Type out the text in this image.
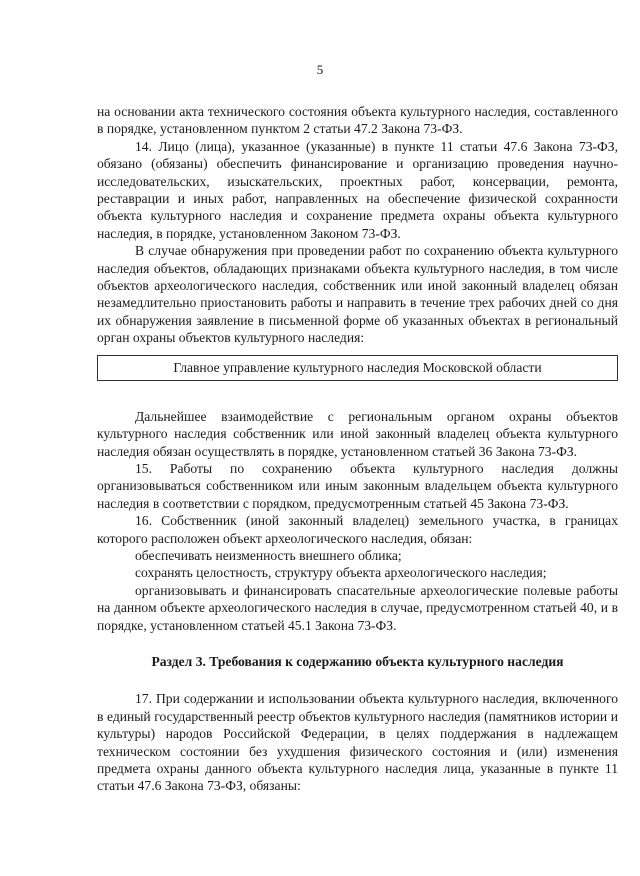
5

на основании акта технического состояния объекта культурного наследия, составленного в порядке, установленном пунктом 2 статьи 47.2 Закона 73-ФЗ.

14. Лицо (лица), указанное (указанные) в пункте 11 статьи 47.6 Закона 73-ФЗ, обязано (обязаны) обеспечить финансирование и организацию проведения научно-исследовательских, изыскательских, проектных работ, консервации, ремонта, реставрации и иных работ, направленных на обеспечение физической сохранности объекта культурного наследия и сохранение предмета охраны объекта культурного наследия, в порядке, установленном Законом 73-ФЗ.

В случае обнаружения при проведении работ по сохранению объекта культурного наследия объектов, обладающих признаками объекта культурного наследия, в том числе объектов археологического наследия, собственник или иной законный владелец обязан незамедлительно приостановить работы и направить в течение трех рабочих дней со дня их обнаружения заявление в письменной форме об указанных объектах в региональный орган охраны объектов культурного наследия:

Главное управление культурного наследия Московской области

Дальнейшее взаимодействие с региональным органом охраны объектов культурного наследия собственник или иной законный владелец объекта культурного наследия обязан осуществлять в порядке, установленном статьей 36 Закона 73-ФЗ.

15. Работы по сохранению объекта культурного наследия должны организовываться собственником или иным законным владельцем объекта культурного наследия в соответствии с порядком, предусмотренным статьей 45 Закона 73-ФЗ.

16. Собственник (иной законный владелец) земельного участка, в границах которого расположен объект археологического наследия, обязан:

обеспечивать неизменность внешнего облика;

сохранять целостность, структуру объекта археологического наследия;

организовывать и финансировать спасательные археологические полевые работы на данном объекте археологического наследия в случае, предусмотренном статьей 40, и в порядке, установленном статьей 45.1 Закона 73-ФЗ.

Раздел 3. Требования к содержанию объекта культурного наследия

17. При содержании и использовании объекта культурного наследия, включенного в единый государственный реестр объектов культурного наследия (памятников истории и культуры) народов Российской Федерации, в целях поддержания в надлежащем техническом состоянии без ухудшения физического состояния и (или) изменения предмета охраны данного объекта культурного наследия лица, указанные в пункте 11 статьи 47.6 Закона 73-ФЗ, обязаны:
